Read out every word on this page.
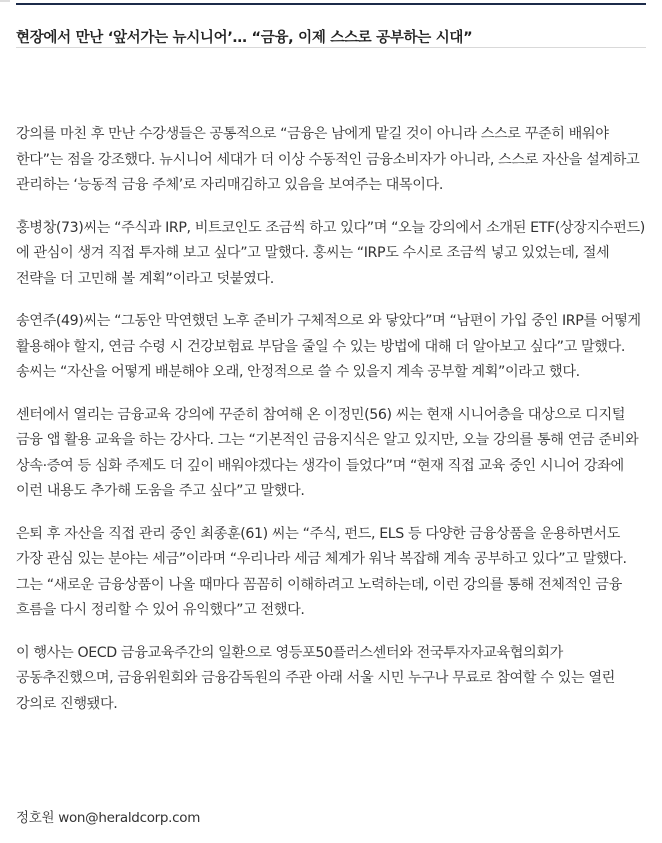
현장에서 만난 ‘앞서가는 뉴시니어’… “금융, 이제 스스로 공부하는 시대”

강의를 마친 후 만난 수강생들은 공통적으로 “금융은 남에게 맡길 것이 아니라 스스로 꾸준히 배워야 한다”는 점을 강조했다. 뉴시니어 세대가 더 이상 수동적인 금융소비자가 아니라, 스스로 자산을 설계하고 관리하는 ‘능동적 금융 주체’로 자리매김하고 있음을 보여주는 대목이다.

홍병창(73)씨는 “주식과 IRP, 비트코인도 조금씩 하고 있다”며 “오늘 강의에서 소개된 ETF(상장지수펀드)에 관심이 생겨 직접 투자해 보고 싶다”고 말했다. 홍씨는 “IRP도 수시로 조금씩 넣고 있었는데, 절세 전략을 더 고민해 볼 계획”이라고 덧붙였다.

송연주(49)씨는 “그동안 막연했던 노후 준비가 구체적으로 와 닿았다”며 “남편이 가입 중인 IRP를 어떻게 활용해야 할지, 연금 수령 시 건강보험료 부담을 줄일 수 있는 방법에 대해 더 알아보고 싶다”고 말했다. 송씨는 “자산을 어떻게 배분해야 오래, 안정적으로 쓸 수 있을지 계속 공부할 계획”이라고 했다.

센터에서 열리는 금융교육 강의에 꾸준히 참여해 온 이정민(56) 씨는 현재 시니어층을 대상으로 디지털 금융 앱 활용 교육을 하는 강사다. 그는 “기본적인 금융지식은 알고 있지만, 오늘 강의를 통해 연금 준비와 상속·증여 등 심화 주제도 더 깊이 배워야겠다는 생각이 들었다”며 “현재 직접 교육 중인 시니어 강좌에 이런 내용도 추가해 도움을 주고 싶다”고 말했다.

은퇴 후 자산을 직접 관리 중인 최종훈(61) 씨는 “주식, 펀드, ELS 등 다양한 금융상품을 운용하면서도 가장 관심 있는 분야는 세금”이라며 “우리나라 세금 체계가 워낙 복잡해 계속 공부하고 있다”고 말했다. 그는 “새로운 금융상품이 나올 때마다 꼼꼼히 이해하려고 노력하는데, 이런 강의를 통해 전체적인 금융 흐름을 다시 정리할 수 있어 유익했다”고 전했다.

이 행사는 OECD 금융교육주간의 일환으로 영등포50플러스센터와 전국투자자교육협의회가 공동추진했으며, 금융위원회와 금융감독원의 주관 아래 서울 시민 누구나 무료로 참여할 수 있는 열린 강의로 진행됐다.

정호원 won@heraldcorp.com
